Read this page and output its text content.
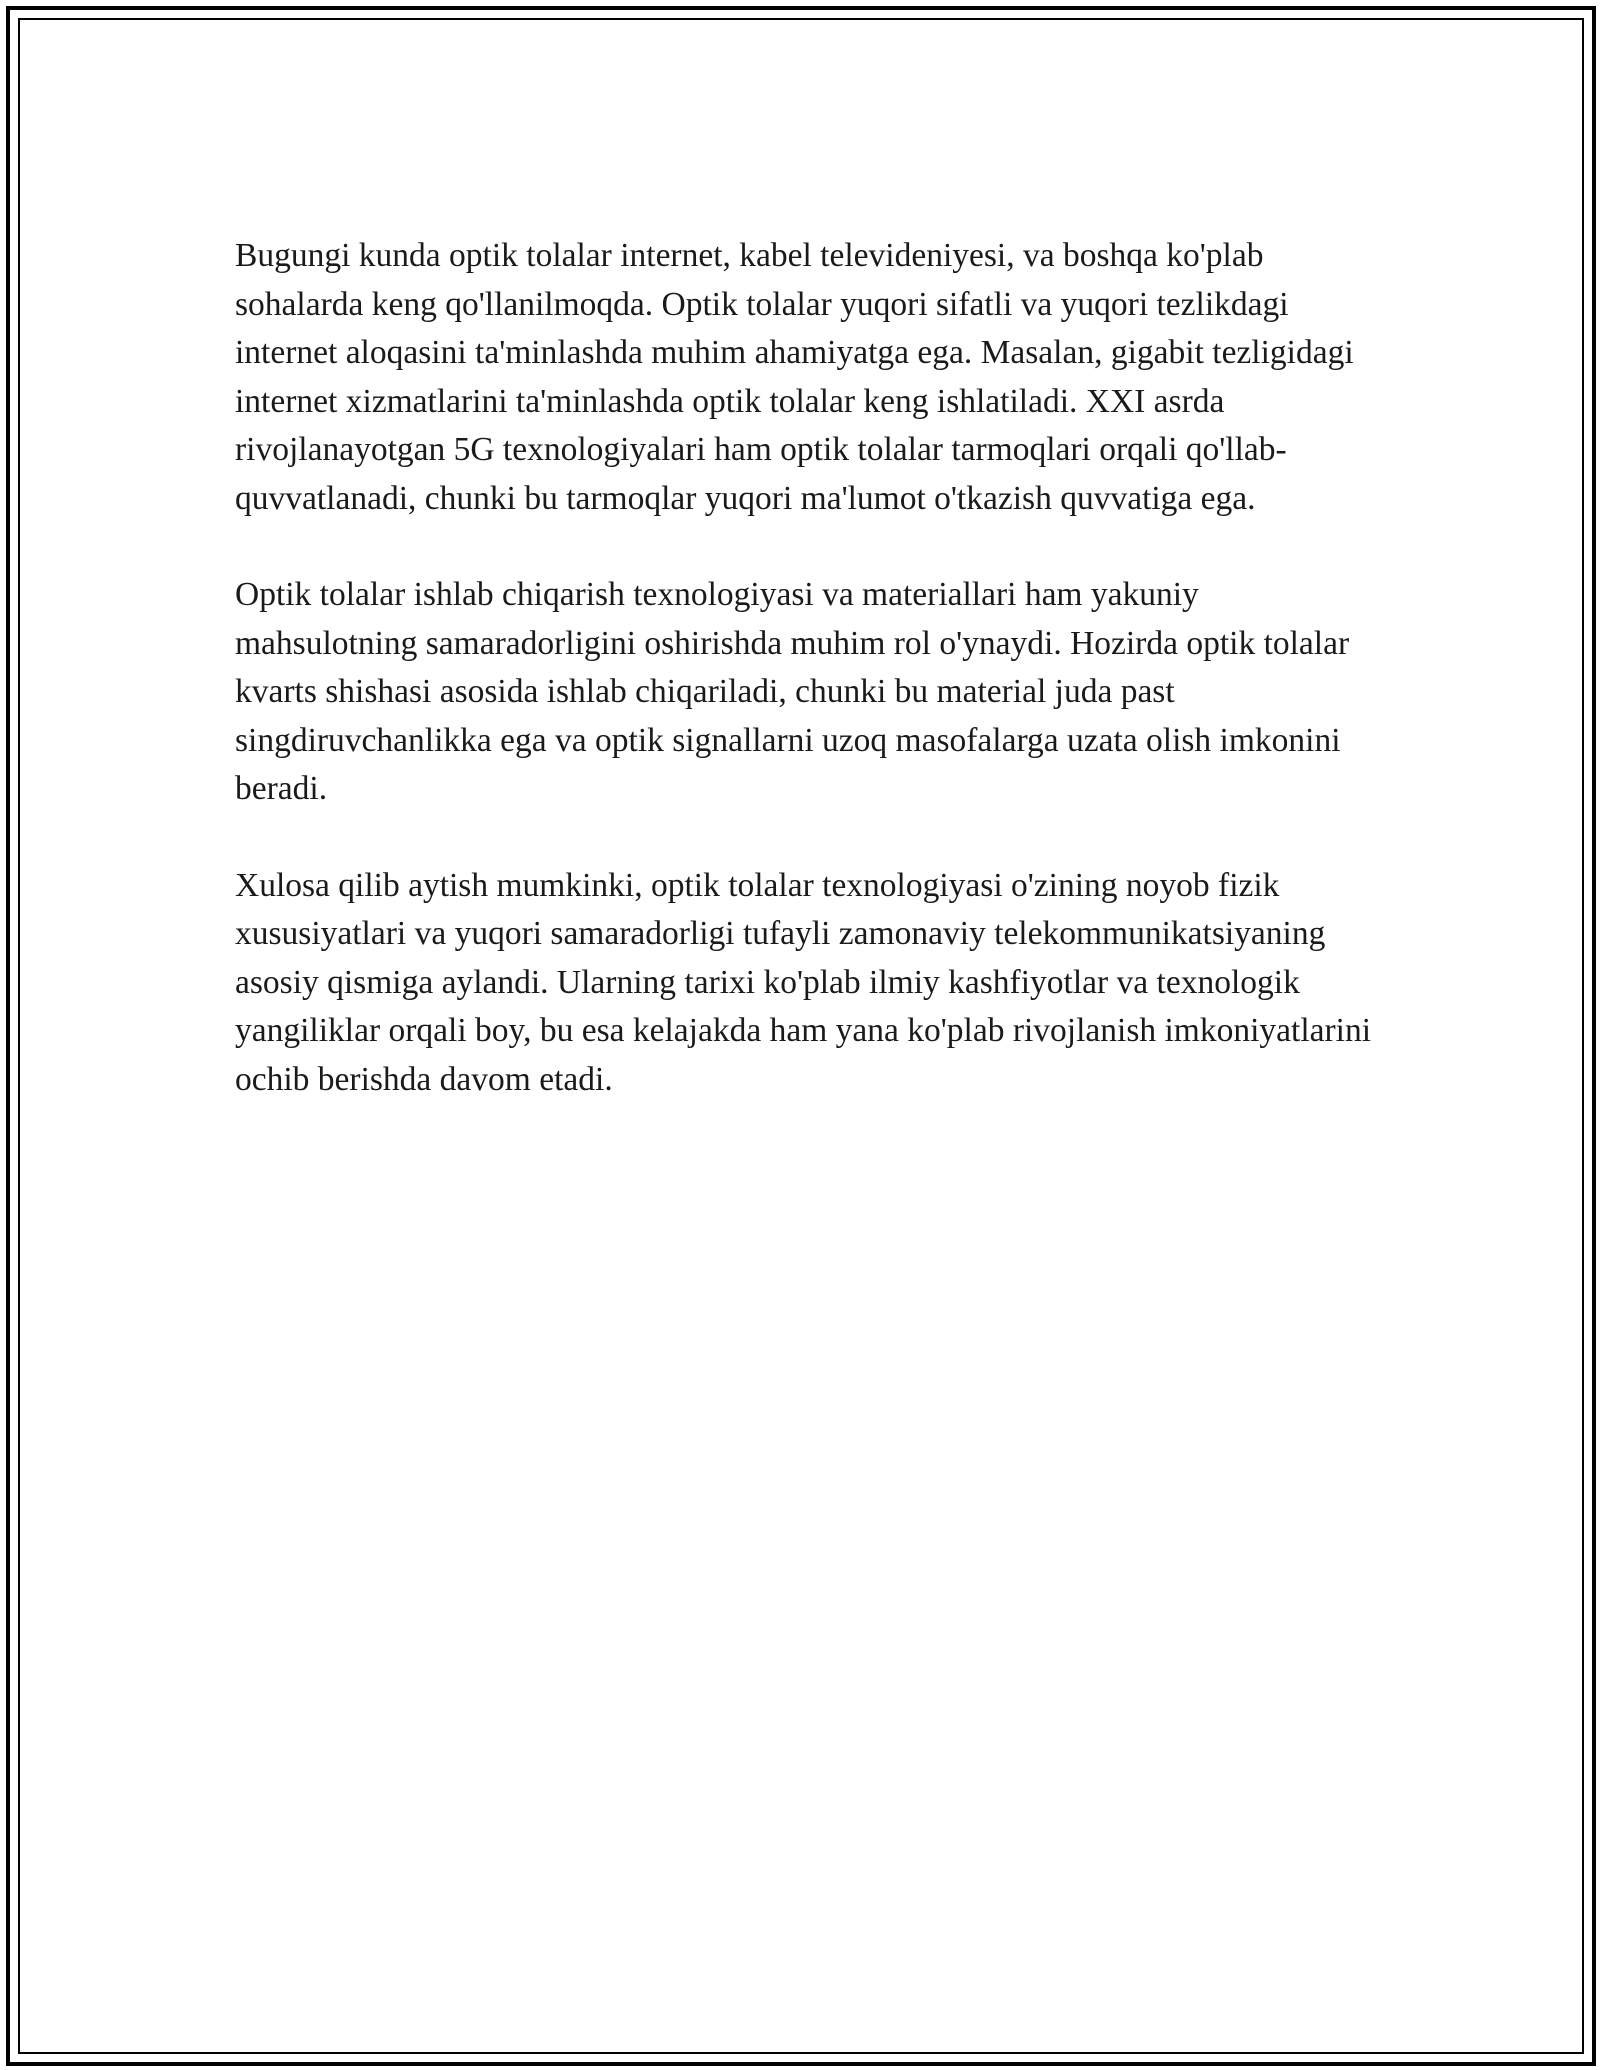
Bugungi kunda optik tolalar internet, kabel televideniyesi, va boshqa ko'plab sohalarda keng qo'llanilmoqda. Optik tolalar yuqori sifatli va yuqori tezlikdagi internet aloqasini ta'minlashda muhim ahamiyatga ega. Masalan, gigabit tezligidagi internet xizmatlarini ta'minlashda optik tolalar keng ishlatiladi. XXI asrda rivojlanayotgan 5G texnologiyalari ham optik tolalar tarmoqlari orqali qo'llab-quvvatlanadi, chunki bu tarmoqlar yuqori ma'lumot o'tkazish quvvatiga ega.

Optik tolalar ishlab chiqarish texnologiyasi va materiallari ham yakuniy mahsulotning samaradorligini oshirishda muhim rol o'ynaydi. Hozirda optik tolalar kvarts shishasi asosida ishlab chiqariladi, chunki bu material juda past singdiruvchanlikka ega va optik signallarni uzoq masofalarga uzata olish imkonini beradi.

Xulosa qilib aytish mumkinki, optik tolalar texnologiyasi o'zining noyob fizik xususiyatlari va yuqori samaradorligi tufayli zamonaviy telekommunikatsiyaning asosiy qismiga aylandi. Ularning tarixi ko'plab ilmiy kashfiyotlar va texnologik yangiliklar orqali boy, bu esa kelajakda ham yana ko'plab rivojlanish imkoniyatlarini ochib berishda davom etadi.
